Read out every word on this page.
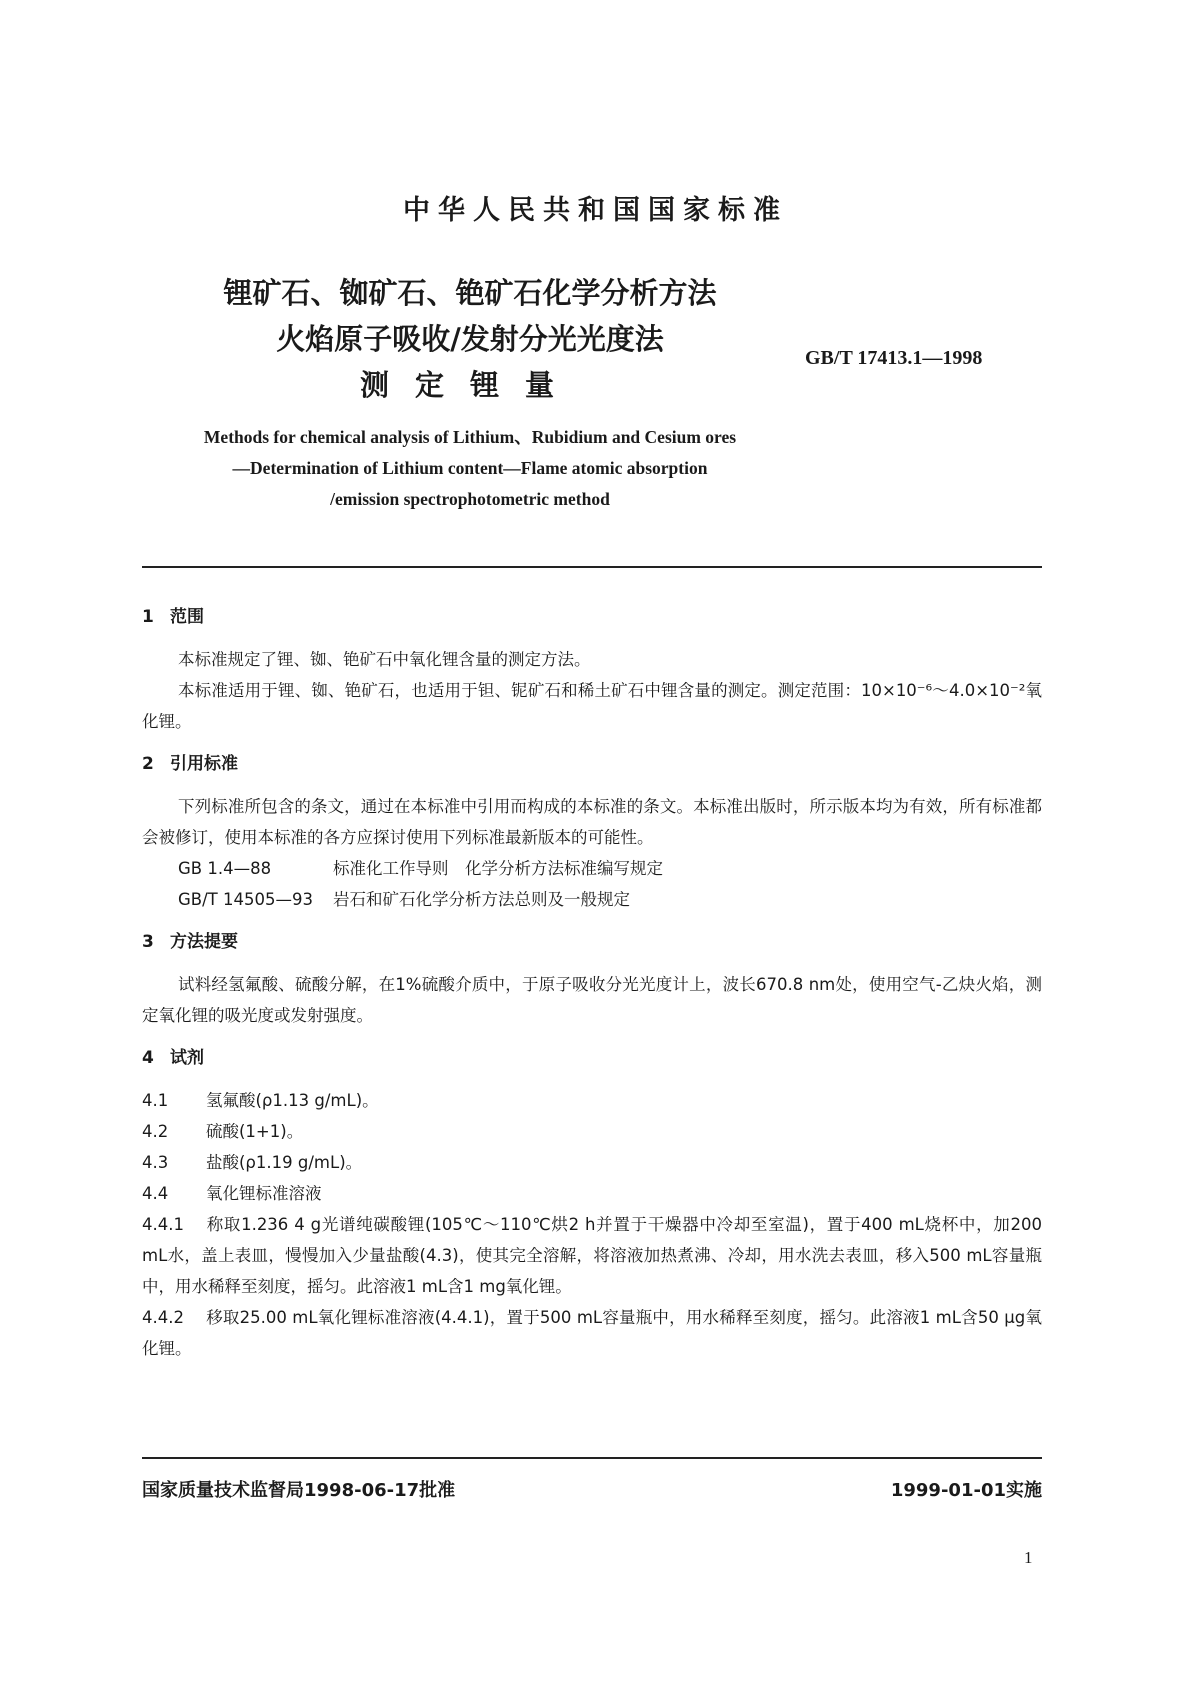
中华人民共和国国家标准
锂矿石、铷矿石、铯矿石化学分析方法
火焰原子吸收/发射分光光度法
测定锂量
GB/T 17413.1—1998
Methods for chemical analysis of Lithium、Rubidium and Cesium ores
—Determination of Lithium content—Flame atomic absorption
/emission spectrophotometric method
1 范围

本标准规定了锂、铷、铯矿石中氧化锂含量的测定方法。

本标准适用于锂、铷、铯矿石，也适用于钽、铌矿石和稀土矿石中锂含量的测定。测定范围：10×10⁻⁶～4.0×10⁻²氧化锂。

2 引用标准

下列标准所包含的条文，通过在本标准中引用而构成的本标准的条文。本标准出版时，所示版本均为有效，所有标准都会被修订，使用本标准的各方应探讨使用下列标准最新版本的可能性。

GB 1.4—88	标准化工作导则　化学分析方法标准编写规定
GB/T 14505—93 岩石和矿石化学分析方法总则及一般规定
3 方法提要

试料经氢氟酸、硫酸分解，在1%硫酸介质中，于原子吸收分光光度计上，波长670.8 nm处，使用空气-乙炔火焰，测定氧化锂的吸光度或发射强度。

4 试剂

4.1 氢氟酸(ρ1.13 g/mL)。

4.2 硫酸(1+1)。

4.3 盐酸(ρ1.19 g/mL)。

4.4 氧化锂标准溶液

4.4.1 称取1.236 4 g光谱纯碳酸锂(105℃～110℃烘2 h并置于干燥器中冷却至室温)，置于400 mL烧杯中，加200 mL水，盖上表皿，慢慢加入少量盐酸(4.3)，使其完全溶解，将溶液加热煮沸、冷却，用水洗去表皿，移入500 mL容量瓶中，用水稀释至刻度，摇匀。此溶液1 mL含1 mg氧化锂。

4.4.2 移取25.00 mL氧化锂标准溶液(4.4.1)，置于500 mL容量瓶中，用水稀释至刻度，摇匀。此溶液1 mL含50 μg氧化锂。

国家质量技术监督局1998-06-17批准	1999-01-01实施
1
